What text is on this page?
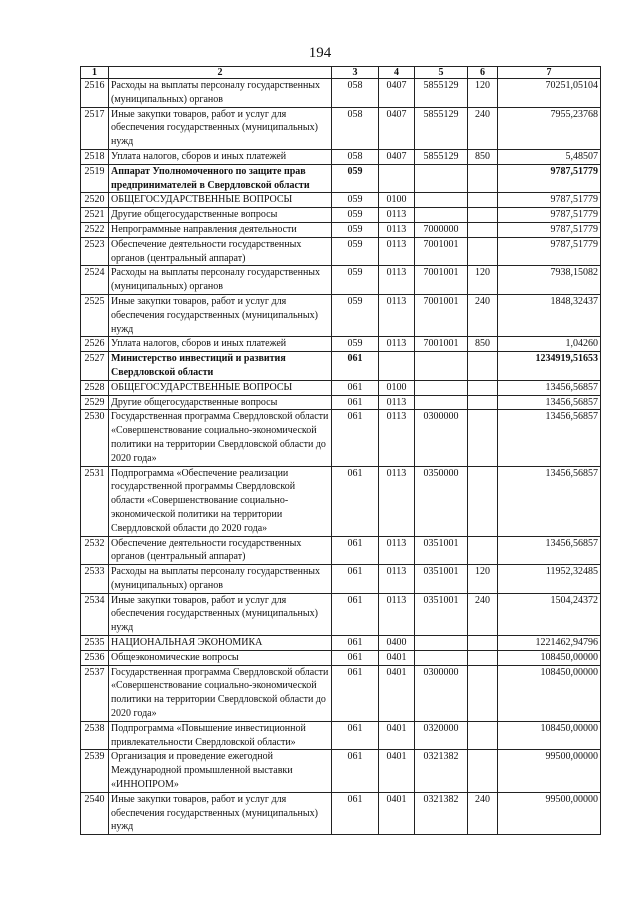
194
1	2	3	4	5	6	7
2516	Расходы на выплаты персоналу государственных (муниципальных) органов	058	0407	5855129	120	70251,05104
2517	Иные закупки товаров, работ и услуг для обеспечения государственных (муниципальных) нужд	058	0407	5855129	240	7955,23768
2518	Уплата налогов, сборов и иных платежей	058	0407	5855129	850	5,48507
2519	Аппарат Уполномоченного по защите прав предпринимателей в Свердловской области	059				9787,51779
2520	ОБЩЕГОСУДАРСТВЕННЫЕ ВОПРОСЫ	059	0100			9787,51779
2521	Другие общегосударственные вопросы	059	0113			9787,51779
2522	Непрограммные направления деятельности	059	0113	7000000		9787,51779
2523	Обеспечение деятельности государственных органов (центральный аппарат)	059	0113	7001001		9787,51779
2524	Расходы на выплаты персоналу государственных (муниципальных) органов	059	0113	7001001	120	7938,15082
2525	Иные закупки товаров, работ и услуг для обеспечения государственных (муниципальных) нужд	059	0113	7001001	240	1848,32437
2526	Уплата налогов, сборов и иных платежей	059	0113	7001001	850	1,04260
2527	Министерство инвестиций и развития Свердловской области	061				1234919,51653
2528	ОБЩЕГОСУДАРСТВЕННЫЕ ВОПРОСЫ	061	0100			13456,56857
2529	Другие общегосударственные вопросы	061	0113			13456,56857
2530	Государственная программа Свердловской области «Совершенствование социально-экономической политики на территории Свердловской области до 2020 года»	061	0113	0300000		13456,56857
2531	Подпрограмма «Обеспечение реализации государственной программы Свердловской области «Совершенствование социально-экономической политики на территории Свердловской области до 2020 года»	061	0113	0350000		13456,56857
2532	Обеспечение деятельности государственных органов (центральный аппарат)	061	0113	0351001		13456,56857
2533	Расходы на выплаты персоналу государственных (муниципальных) органов	061	0113	0351001	120	11952,32485
2534	Иные закупки товаров, работ и услуг для обеспечения государственных (муниципальных) нужд	061	0113	0351001	240	1504,24372
2535	НАЦИОНАЛЬНАЯ ЭКОНОМИКА	061	0400			1221462,94796
2536	Общеэкономические вопросы	061	0401			108450,00000
2537	Государственная программа Свердловской области «Совершенствование социально-экономической политики на территории Свердловской области до 2020 года»	061	0401	0300000		108450,00000
2538	Подпрограмма «Повышение инвестиционной привлекательности Свердловской области»	061	0401	0320000		108450,00000
2539	Организация и проведение ежегодной Международной промышленной выставки «ИННОПРОМ»	061	0401	0321382		99500,00000
2540	Иные закупки товаров, работ и услуг для обеспечения государственных (муниципальных) нужд	061	0401	0321382	240	99500,00000
